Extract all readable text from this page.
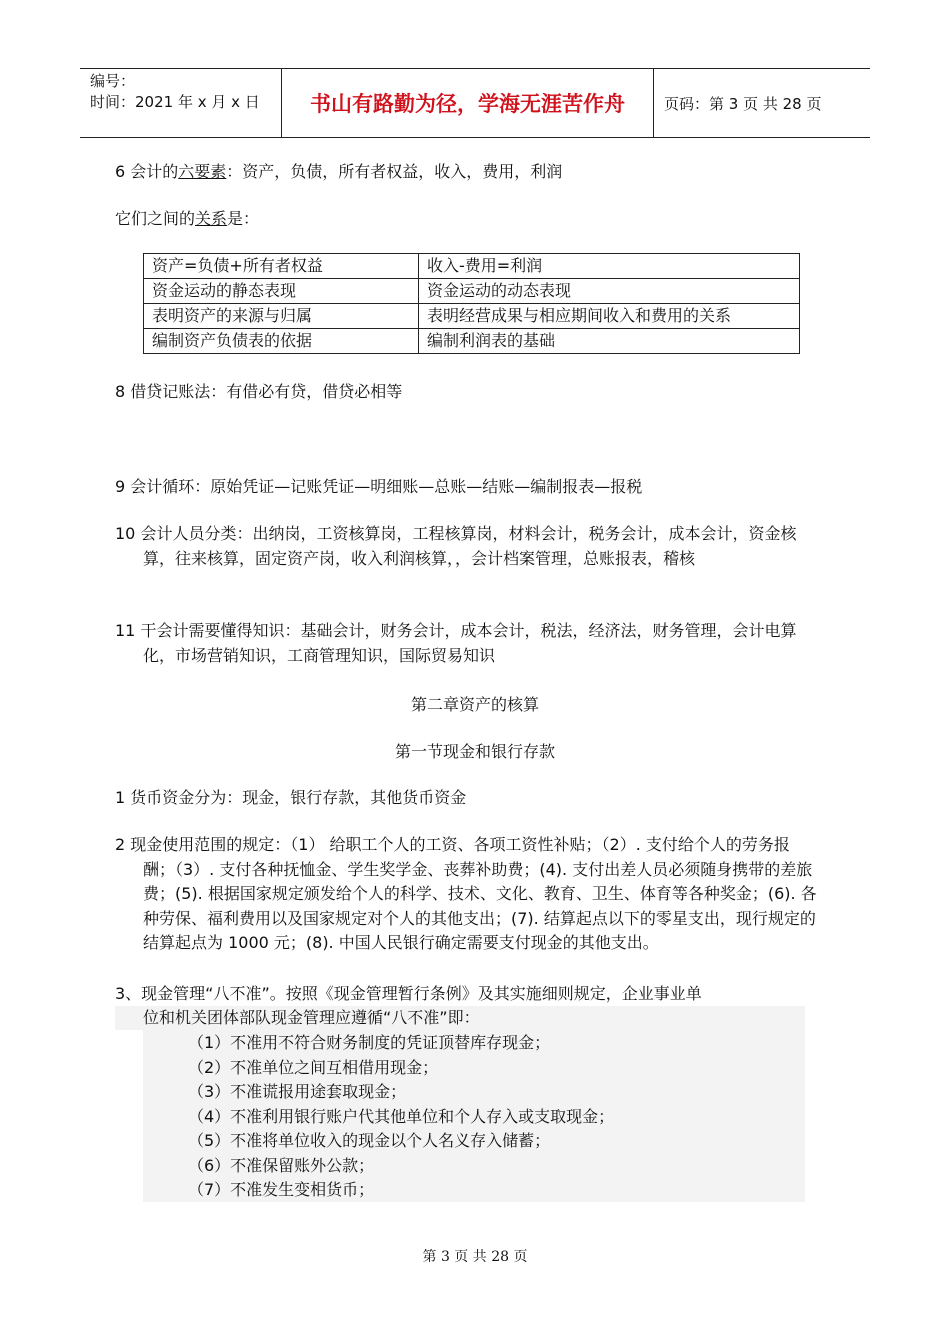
编号：
时间：2021 年 x 月 x 日	书山有路勤为径，学海无涯苦作舟	页码：第 3 页 共 28 页
6 会计的六要素：资产，负债，所有者权益，收入，费用，利润
它们之间的关系是：
资产=负债+所有者权益	收入-费用=利润
资金运动的静态表现	资金运动的动态表现
表明资产的来源与归属	表明经营成果与相应期间收入和费用的关系
编制资产负债表的依据	编制利润表的基础
8 借贷记账法：有借必有贷，借贷必相等
9 会计循环：原始凭证—记账凭证—明细账—总账—结账—编制报表—报税
10 会计人员分类：出纳岗，工资核算岗，工程核算岗，材料会计，税务会计，成本会计，资金核算，往来核算，固定资产岗，收入利润核算，，会计档案管理，总账报表，稽核
11 干会计需要懂得知识：基础会计，财务会计，成本会计，税法，经济法，财务管理，会计电算化，市场营销知识，工商管理知识，国际贸易知识
第二章资产的核算
第一节现金和银行存款
1 货币资金分为：现金，银行存款，其他货币资金
2 现金使用范围的规定：（1） 给职工个人的工资、各项工资性补贴；（2）. 支付给个人的劳务报酬；（3）. 支付各种抚恤金、学生奖学金、丧葬补助费；(4). 支付出差人员必须随身携带的差旅费；(5). 根据国家规定颁发给个人的科学、技术、文化、教育、卫生、体育等各种奖金；(6). 各种劳保、福利费用以及国家规定对个人的其他支出；(7). 结算起点以下的零星支出，现行规定的结算起点为 1000 元；(8). 中国人民银行确定需要支付现金的其他支出。
3、现金管理“八不准”。按照《现金管理暂行条例》及其实施细则规定，企业事业单
位和机关团体部队现金管理应遵循“八不准”即：
（1）不准用不符合财务制度的凭证顶替库存现金；
（2）不准单位之间互相借用现金；
（3）不准谎报用途套取现金；
（4）不准利用银行账户代其他单位和个人存入或支取现金；
（5）不准将单位收入的现金以个人名义存入储蓄；
（6）不准保留账外公款；
（7）不准发生变相货币；
第 3 页 共 28 页
